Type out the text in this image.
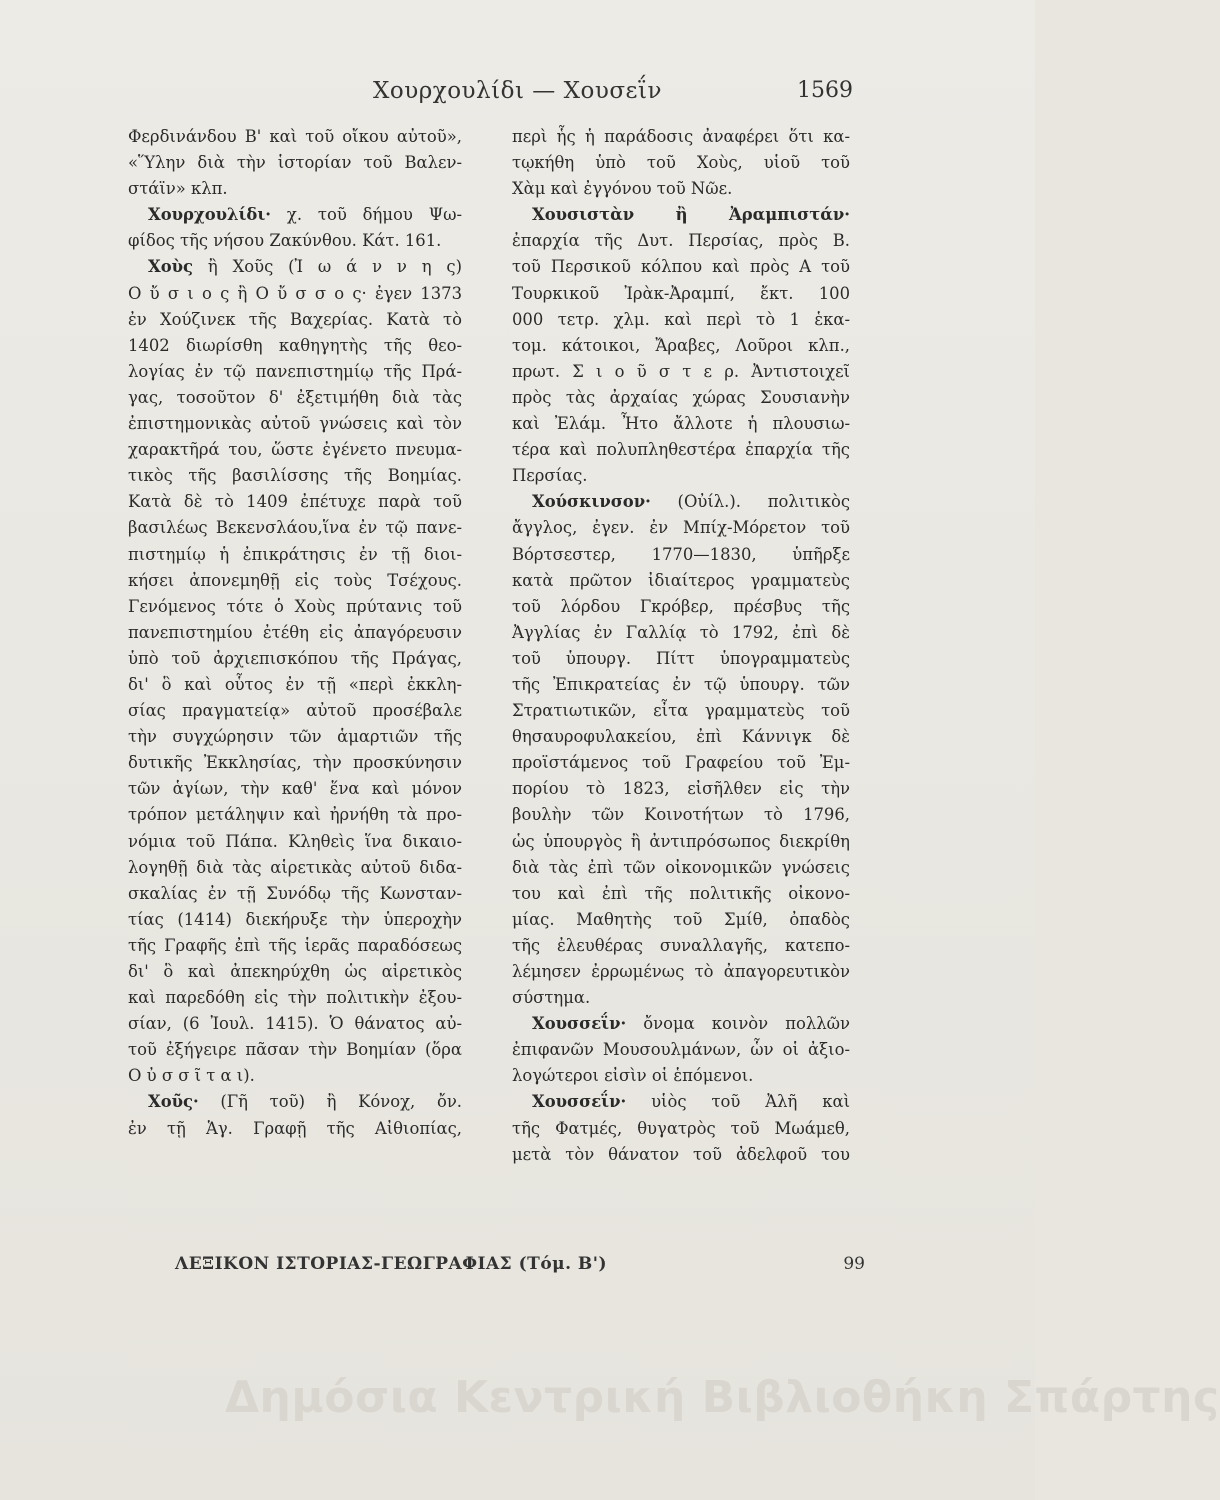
Χουρχουλίδι — Χουσεΐν	1569
Φερδινάνδου Β' καὶ τοῦ οἴκου αὐτοῦ»,
«Ὕλην διὰ τὴν ἱστορίαν τοῦ Βαλεν-
στάϊν» κλπ.
Χουρχουλίδι· χ. τοῦ δήμου Ψω-
φίδος τῆς νήσου Ζακύνθου. Κάτ. 161.
Χοὺς ἢ Χοῦς (Ἰ ω ά ν ν η ς)
Ο ὔ σ ι ο ς ἢ Ο ὔ σ σ ο ς· ἐγεν 1373
ἐν Χούζινεκ τῆς Βαχερίας. Κατὰ τὸ
1402 διωρίσθη καθηγητὴς τῆς θεο-
λογίας ἐν τῷ πανεπιστημίῳ τῆς Πρά-
γας, τοσοῦτον δ' ἐξετιμήθη διὰ τὰς
ἐπιστημονικὰς αὐτοῦ γνώσεις καὶ τὸν
χαρακτῆρά του, ὥστε ἐγένετο πνευμα-
τικὸς τῆς βασιλίσσης τῆς Βοημίας.
Κατὰ δὲ τὸ 1409 ἐπέτυχε παρὰ τοῦ
βασιλέως Βεκενσλάου,ἵνα ἐν τῷ πανε-
πιστημίῳ ἡ ἐπικράτησις ἐν τῇ διοι-
κήσει ἀπονεμηθῇ εἰς τοὺς Τσέχους.
Γενόμενος τότε ὁ Χοὺς πρύτανις τοῦ
πανεπιστημίου ἐτέθη εἰς ἀπαγόρευσιν
ὑπὸ τοῦ ἀρχιεπισκόπου τῆς Πράγας,
δι' ὃ καὶ οὗτος ἐν τῇ «περὶ ἐκκλη-
σίας πραγματείᾳ» αὐτοῦ προσέβαλε
τὴν συγχώρησιν τῶν ἁμαρτιῶν τῆς
δυτικῆς Ἐκκλησίας, τὴν προσκύνησιν
τῶν ἁγίων, τὴν καθ' ἕνα καὶ μόνον
τρόπον μετάληψιν καὶ ἠρνήθη τὰ προ-
νόμια τοῦ Πάπα. Κληθεὶς ἵνα δικαιο-
λογηθῇ διὰ τὰς αἱρετικὰς αὐτοῦ διδα-
σκαλίας ἐν τῇ Συνόδῳ τῆς Κωνσταν-
τίας (1414) διεκήρυξε τὴν ὑπεροχὴν
τῆς Γραφῆς ἐπὶ τῆς ἱερᾶς παραδόσεως
δι' ὃ καὶ ἀπεκηρύχθη ὡς αἱρετικὸς
καὶ παρεδόθη εἰς τὴν πολιτικὴν ἐξου-
σίαν, (6 Ἰουλ. 1415). Ὁ θάνατος αὐ-
τοῦ ἐξήγειρε πᾶσαν τὴν Βοημίαν (ὅρα
Ο ὐ σ σ ῖ τ α ι).
Χοῦς· (Γῆ τοῦ) ἢ Κόνοχ, ὄν.
ἐν τῇ Ἁγ. Γραφῇ τῆς Αἰθιοπίας,
περὶ ἧς ἡ παράδοσις ἀναφέρει ὅτι κα-
τῳκήθη ὑπὸ τοῦ Χοὺς, υἱοῦ τοῦ
Χὰμ καὶ ἐγγόνου τοῦ Νῶε.
Χουσιστὰν ἢ Ἀραμπιστάν·
ἐπαρχία τῆς Δυτ. Περσίας, πρὸς Β.
τοῦ Περσικοῦ κόλπου καὶ πρὸς Α τοῦ
Τουρκικοῦ Ἰρὰκ-Ἀραμπί, ἔκτ. 100
000 τετρ. χλμ. καὶ περὶ τὸ 1 ἑκα-
τομ. κάτοικοι, Ἄραβες, Λοῦροι κλπ.,
πρωτ. Σ ι ο ῦ σ τ ε ρ. Ἀντιστοιχεῖ
πρὸς τὰς ἀρχαίας χώρας Σουσιανὴν
καὶ Ἐλάμ. Ἦτο ἄλλοτε ἡ πλουσιω-
τέρα καὶ πολυπληθεστέρα ἐπαρχία τῆς
Περσίας.
Χούσκινσον· (Οὐίλ.). πολιτικὸς
ἄγγλος, ἐγεν. ἐν Μπίχ-Μόρετον τοῦ
Βόρτσεστερ, 1770—1830, ὑπῆρξε
κατὰ πρῶτον ἰδιαίτερος γραμματεὺς
τοῦ λόρδου Γκρόβερ, πρέσβυς τῆς
Ἀγγλίας ἐν Γαλλίᾳ τὸ 1792, ἐπὶ δὲ
τοῦ ὑπουργ. Πίττ ὑπογραμματεὺς
τῆς Ἐπικρατείας ἐν τῷ ὑπουργ. τῶν
Στρατιωτικῶν, εἶτα γραμματεὺς τοῦ
θησαυροφυλακείου, ἐπὶ Κάννιγκ δὲ
προϊστάμενος τοῦ Γραφείου τοῦ Ἐμ-
πορίου τὸ 1823, εἰσῆλθεν εἰς τὴν
βουλὴν τῶν Κοινοτήτων τὸ 1796,
ὡς ὑπουργὸς ἢ ἀντιπρόσωπος διεκρίθη
διὰ τὰς ἐπὶ τῶν οἰκονομικῶν γνώσεις
του καὶ ἐπὶ τῆς πολιτικῆς οἰκονο-
μίας. Μαθητὴς τοῦ Σμίθ, ὀπαδὸς
τῆς ἐλευθέρας συναλλαγῆς, κατεπο-
λέμησεν ἐρρωμένως τὸ ἀπαγορευτικὸν
σύστημα.
Χουσσεΐν· ὄνομα κοινὸν πολλῶν
ἐπιφανῶν Μουσουλμάνων, ὧν οἱ ἀξιο-
λογώτεροι εἰσὶν οἱ ἑπόμενοι.
Χουσσεΐν· υἱὸς τοῦ Ἀλῆ καὶ
τῆς Φατμές, θυγατρὸς τοῦ Μωάμεθ,
μετὰ τὸν θάνατον τοῦ ἀδελφοῦ του
ΛΕΞΙΚΟΝ ΙΣΤΟΡΙΑΣ-ΓΕΩΓΡΑΦΙΑΣ (Τόμ. Β')	99
Δημόσια Κεντρική Βιβλιοθήκη Σπάρτης
